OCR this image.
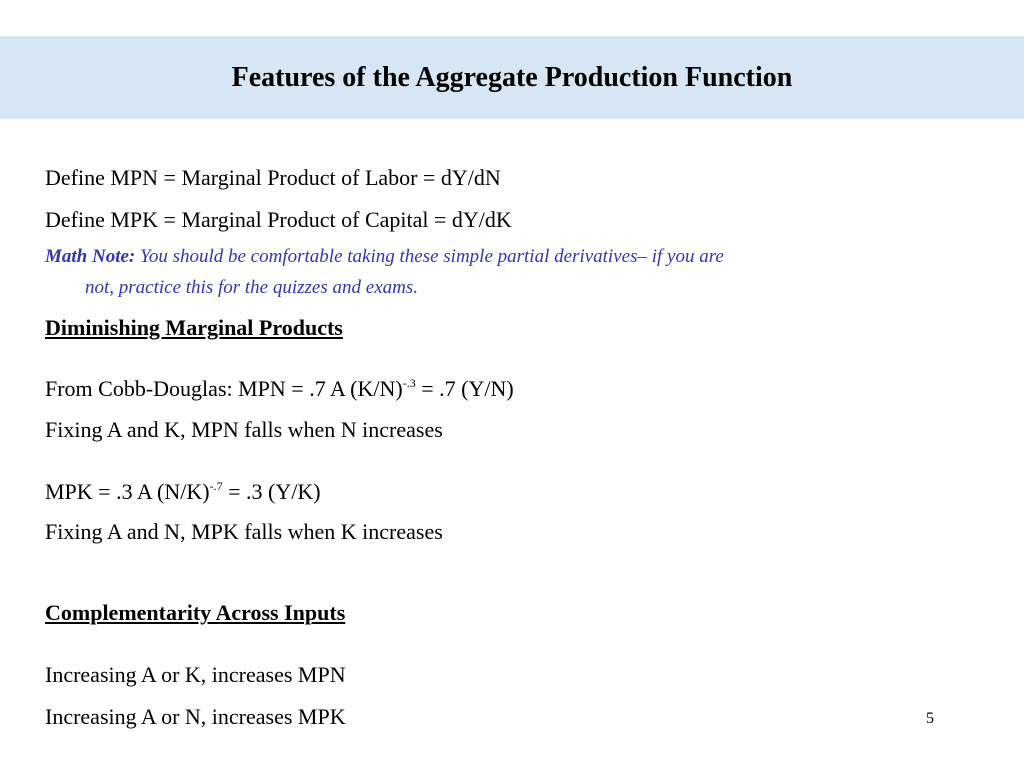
Features of the Aggregate Production Function
Define MPN = Marginal Product of Labor = dY/dN
Define MPK = Marginal Product of Capital = dY/dK
Math Note: You should be comfortable taking these simple partial derivatives– if you are
not, practice this for the quizzes and exams.
Diminishing Marginal Products
From Cobb-Douglas: MPN = .7 A $(K/N)^{-.3} = .7$ (Y/N)
Fixing A and K, MPN falls when N increases
MPK = .3 A $(N/K)^{-.7} = .3$ (Y/K)
Fixing A and N, MPK falls when K increases
Complementarity Across Inputs
Increasing A or K, increases MPN
Increasing A or N, increases MPK	5
